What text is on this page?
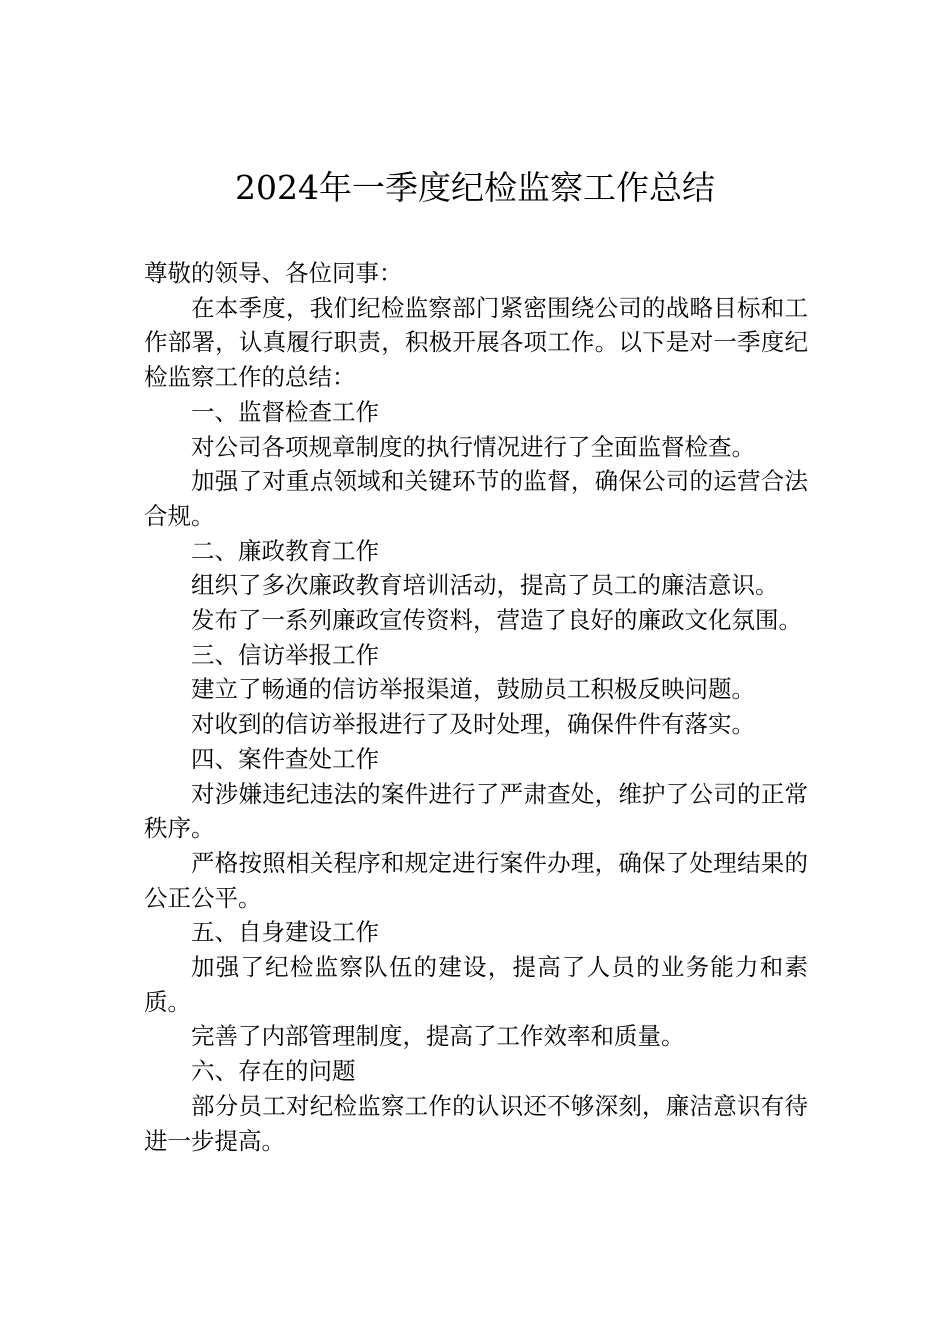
2024年一季度纪检监察工作总结

尊敬的领导、各位同事：

在本季度，我们纪检监察部门紧密围绕公司的战略目标和工作部署，认真履行职责，积极开展各项工作。以下是对一季度纪检监察工作的总结：

一、监督检查工作

对公司各项规章制度的执行情况进行了全面监督检查。

加强了对重点领域和关键环节的监督，确保公司的运营合法合规。

二、廉政教育工作

组织了多次廉政教育培训活动，提高了员工的廉洁意识。

发布了一系列廉政宣传资料，营造了良好的廉政文化氛围。

三、信访举报工作

建立了畅通的信访举报渠道，鼓励员工积极反映问题。

对收到的信访举报进行了及时处理，确保件件有落实。

四、案件查处工作

对涉嫌违纪违法的案件进行了严肃查处，维护了公司的正常秩序。

严格按照相关程序和规定进行案件办理，确保了处理结果的公正公平。

五、自身建设工作

加强了纪检监察队伍的建设，提高了人员的业务能力和素质。

完善了内部管理制度，提高了工作效率和质量。

六、存在的问题

部分员工对纪检监察工作的认识还不够深刻，廉洁意识有待进一步提高。
